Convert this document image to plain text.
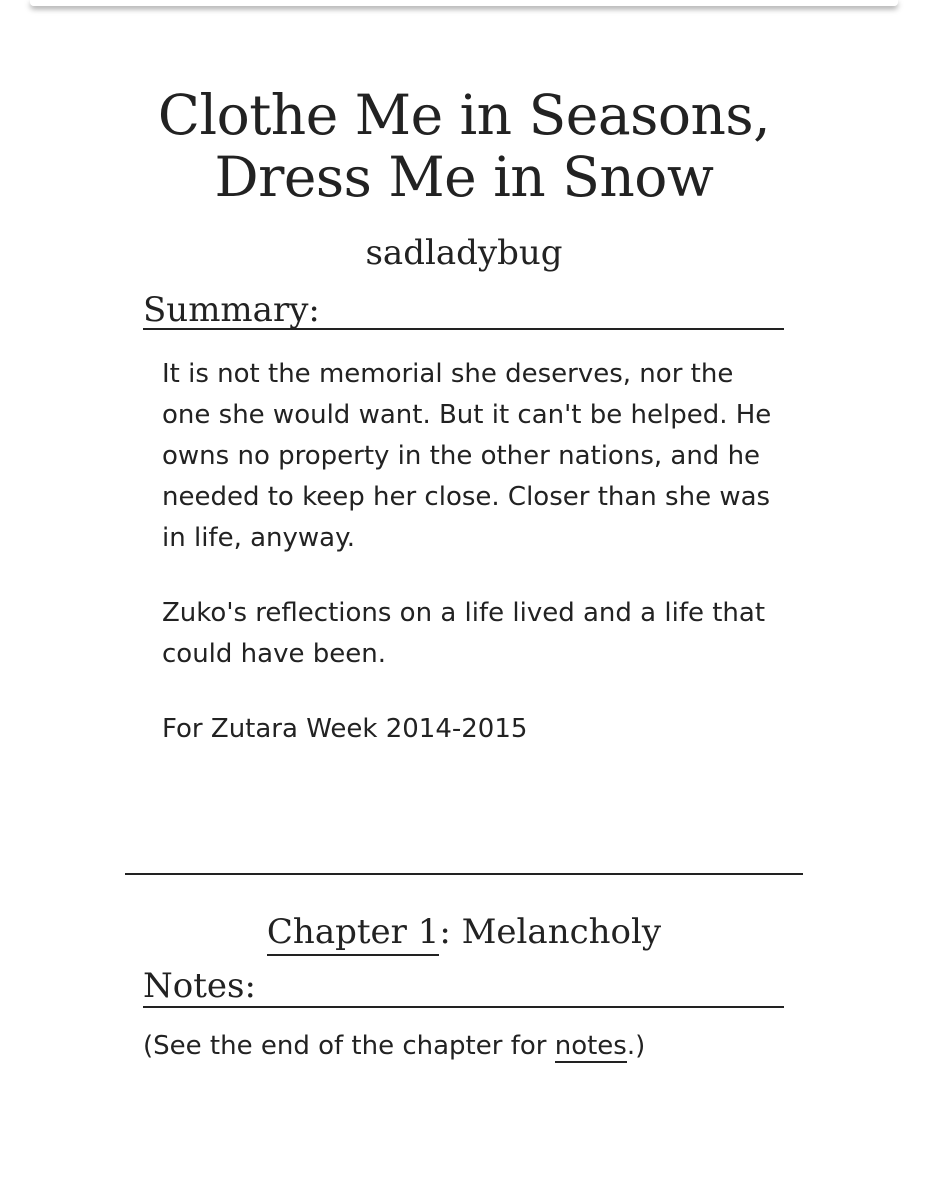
Clothe Me in Seasons,
Dress Me in Snow
sadladybug
Summary:

It is not the memorial she deserves, nor the one she would want. But it can't be helped. He owns no property in the other nations, and he needed to keep her close. Closer than she was in life, anyway.

Zuko's reflections on a life lived and a life that could have been.

For Zutara Week 2014-2015

Chapter 1: Melancholy
Notes:
(See the end of the chapter for notes.)
